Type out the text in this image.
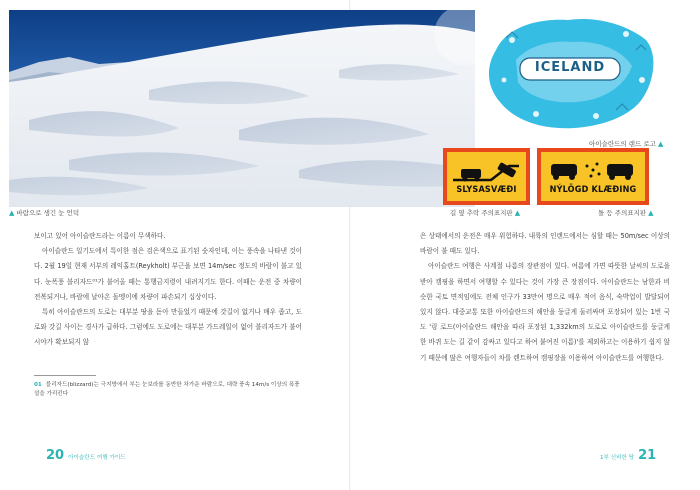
▲ 바람으로 생긴 눈 언덕
ICELAND
아이슬란드의 랜드 로고 ▲
SLYSASVÆÐI
길 옆 추락 주의표지판 ▲
NÝLÖGD KLÆÐING
돌 등 주의표지판 ▲

보이고 있어 아이슬란드라는 이름이 무색하다.

아이슬란드 일기도에서 특이한 점은 검은색으로 표기된 숫자인데, 이는 풍속을 나타낸 것이다. 2월 19일 현재 서부의 레익홀트(Reykholt) 부근을 보면 14m/sec 정도의 바람이 불고 있다. 눈폭풍 블리자드⁰¹가 불어올 때는 통행금지령이 내려지기도 한다. 이때는 운전 중 차량이 전복되거나, 바람에 날아온 돌멩이에 차량이 파손되기 십상이다.

특히 아이슬란드의 도로는 대부분 땅을 돋아 만들었기 때문에 갓길이 없거나 매우 좁고, 도로와 갓길 사이는 경사가 급하다. 그럼에도 도로에는 대부분 가드레일이 없어 블리자드가 불어 시야가 확보되지 않

01 블리자드(blizzard)는 극지방에서 부는 눈보라를 동반한 차가운 바람으로, 대략 풍속 14m/s 이상의 폭풍설을 가리킨다

은 상태에서의 운전은 매우 위험하다. 내륙의 인랜드에서는 심할 때는 50m/sec 이상의 바람이 불 때도 있다.

아이슬란드 여행은 사계절 나름의 장관점이 있다. 여름에 가면 따뜻한 날씨의 도로을 받아 캠핑을 하면서 여행할 수 있다는 것이 가장 큰 장점이다. 아이슬란드는 남한과 비슷한 국토 면적임에도 전체 인구가 33만여 명으로 매우 적어 음식, 숙박업이 발달되어 있지 않다. 대중교통 또한 아이슬란드의 해안을 둥글게 둘러싸며 포장되어 있는 1번 국도 '링 로드(아이슬란드 해안을 따라 포장된 1,332km의 도로로 아이슬란드를 둥글게 한 바퀴 도는 길 같이 감싸고 있다고 하여 붙여진 이름)'를 제외하고는 이용하기 쉽지 않기 때문에 많은 여행자들이 차를 렌트하여 캠핑장을 이용하여 아이슬란드를 여행한다.

20 아이슬란드 여행 가이드	1부 신비한 땅 21
